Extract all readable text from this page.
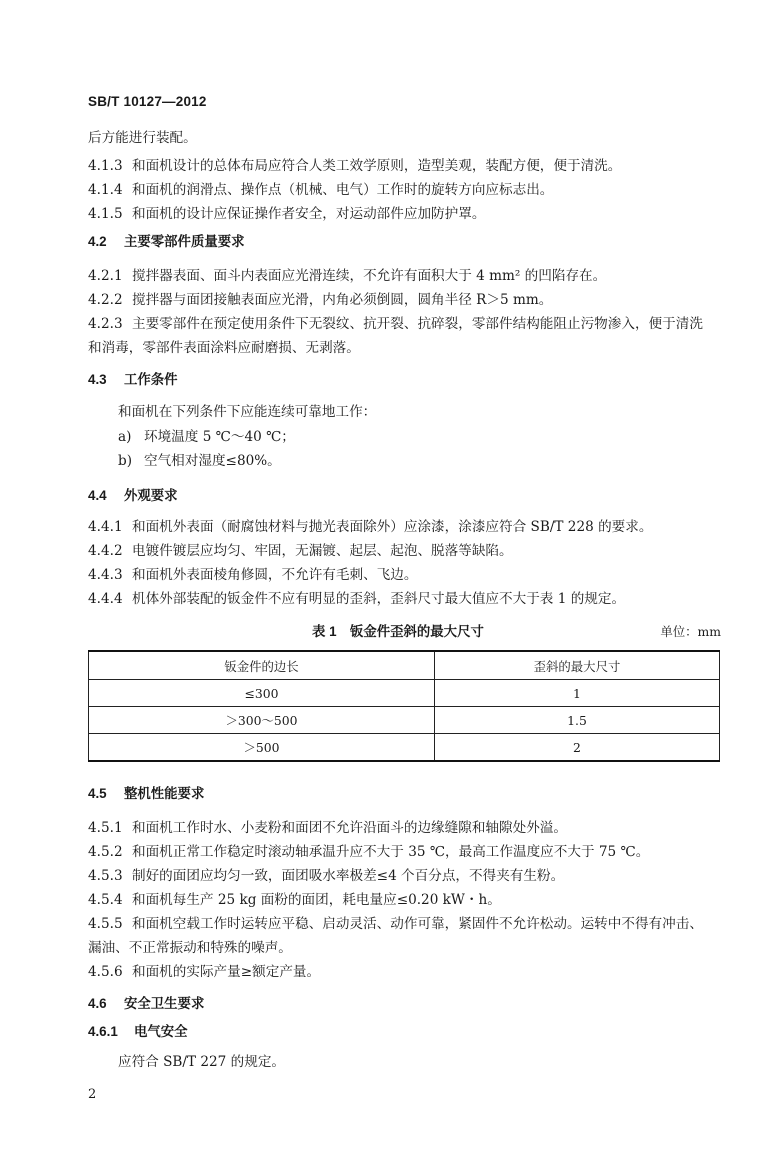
SB/T 10127—2012
后方能进行装配。
4.1.3 和面机设计的总体布局应符合人类工效学原则，造型美观，装配方便，便于清洗。
4.1.4 和面机的润滑点、操作点（机械、电气）工作时的旋转方向应标志出。
4.1.5 和面机的设计应保证操作者安全，对运动部件应加防护罩。
4.2 主要零部件质量要求
4.2.1 搅拌器表面、面斗内表面应光滑连续，不允许有面积大于 4 mm² 的凹陷存在。
4.2.2 搅拌器与面团接触表面应光滑，内角必须倒圆，圆角半径 R＞5 mm。
4.2.3 主要零部件在预定使用条件下无裂纹、抗开裂、抗碎裂，零部件结构能阻止污物渗入，便于清洗
和消毒，零部件表面涂料应耐磨损、无剥落。
4.3 工作条件
和面机在下列条件下应能连续可靠地工作：
a) 环境温度 5 ℃～40 ℃；
b) 空气相对湿度≤80%。
4.4 外观要求
4.4.1 和面机外表面（耐腐蚀材料与抛光表面除外）应涂漆，涂漆应符合 SB/T 228 的要求。
4.4.2 电镀件镀层应均匀、牢固，无漏镀、起层、起泡、脱落等缺陷。
4.4.3 和面机外表面棱角修圆，不允许有毛刺、飞边。
4.4.4 机体外部装配的钣金件不应有明显的歪斜，歪斜尺寸最大值应不大于表 1 的规定。
表 1　钣金件歪斜的最大尺寸	单位：mm
钣金件的边长	歪斜的最大尺寸
≤300	1
＞300～500	1.5
＞500	2
4.5 整机性能要求
4.5.1 和面机工作时水、小麦粉和面团不允许沿面斗的边缘缝隙和轴隙处外溢。
4.5.2 和面机正常工作稳定时滚动轴承温升应不大于 35 ℃，最高工作温度应不大于 75 ℃。
4.5.3 制好的面团应均匀一致，面团吸水率极差≤4 个百分点，不得夹有生粉。
4.5.4 和面机每生产 25 kg 面粉的面团，耗电量应≤0.20 kW・h。
4.5.5 和面机空载工作时运转应平稳、启动灵活、动作可靠，紧固件不允许松动。运转中不得有冲击、
漏油、不正常振动和特殊的噪声。
4.5.6 和面机的实际产量≥额定产量。
4.6 安全卫生要求
4.6.1 电气安全
应符合 SB/T 227 的规定。
2
